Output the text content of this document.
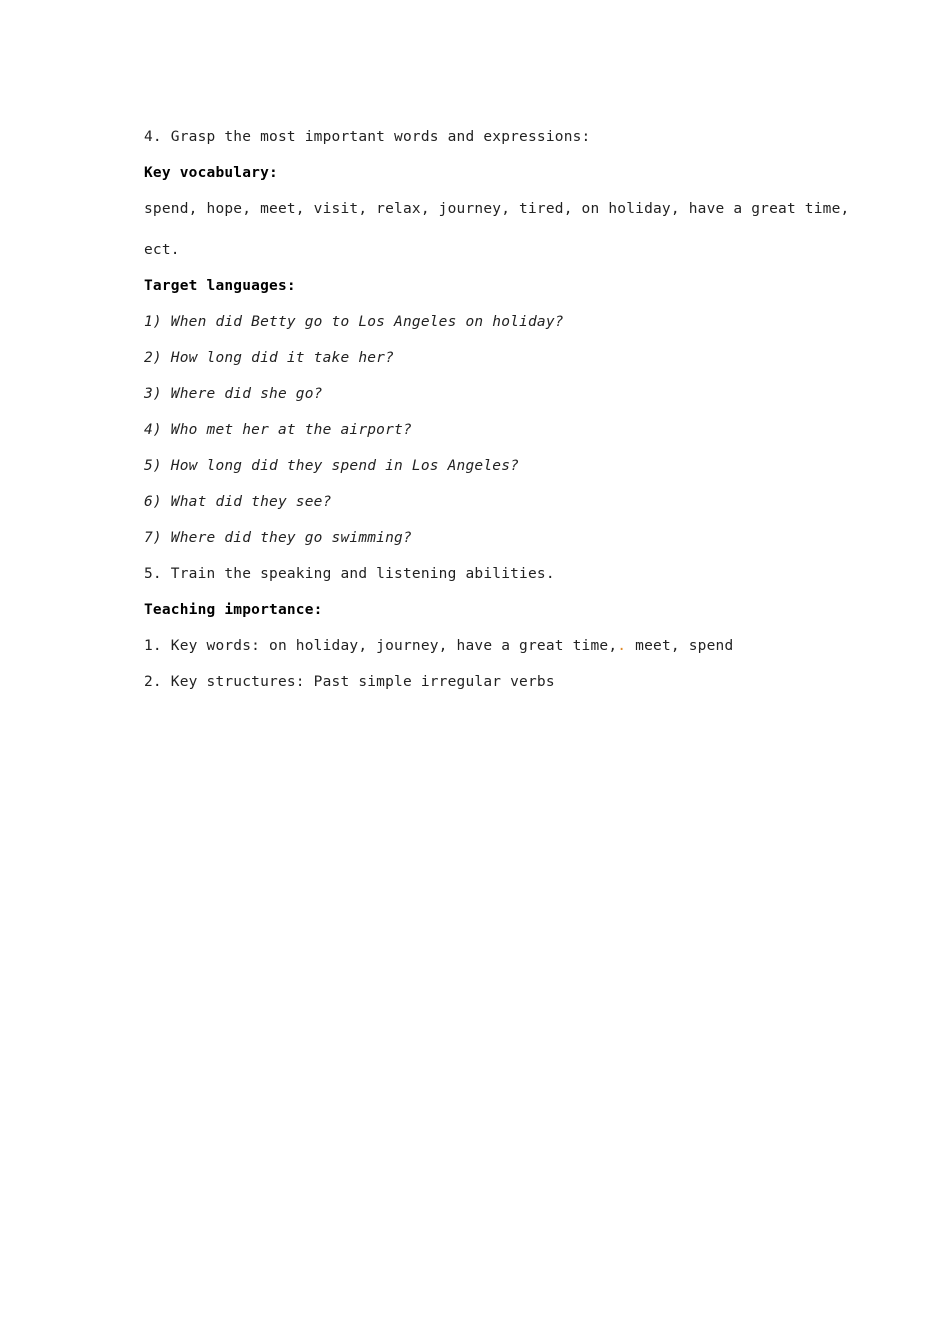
4. Grasp the most important words and expressions:
Key vocabulary:
spend, hope, meet, visit, relax, journey, tired, on holiday, have a great time,
ect.
Target languages:
1) When did Betty go to Los Angeles on holiday?
2) How long did it take her?
3) Where did she go?
4) Who met her at the airport?
5) How long did they spend in Los Angeles?
6) What did they see?
7) Where did they go swimming?
5. Train the speaking and listening abilities.
Teaching importance:
1. Key words: on holiday, journey, have a great time,. meet, spend
2. Key structures: Past simple irregular verbs
